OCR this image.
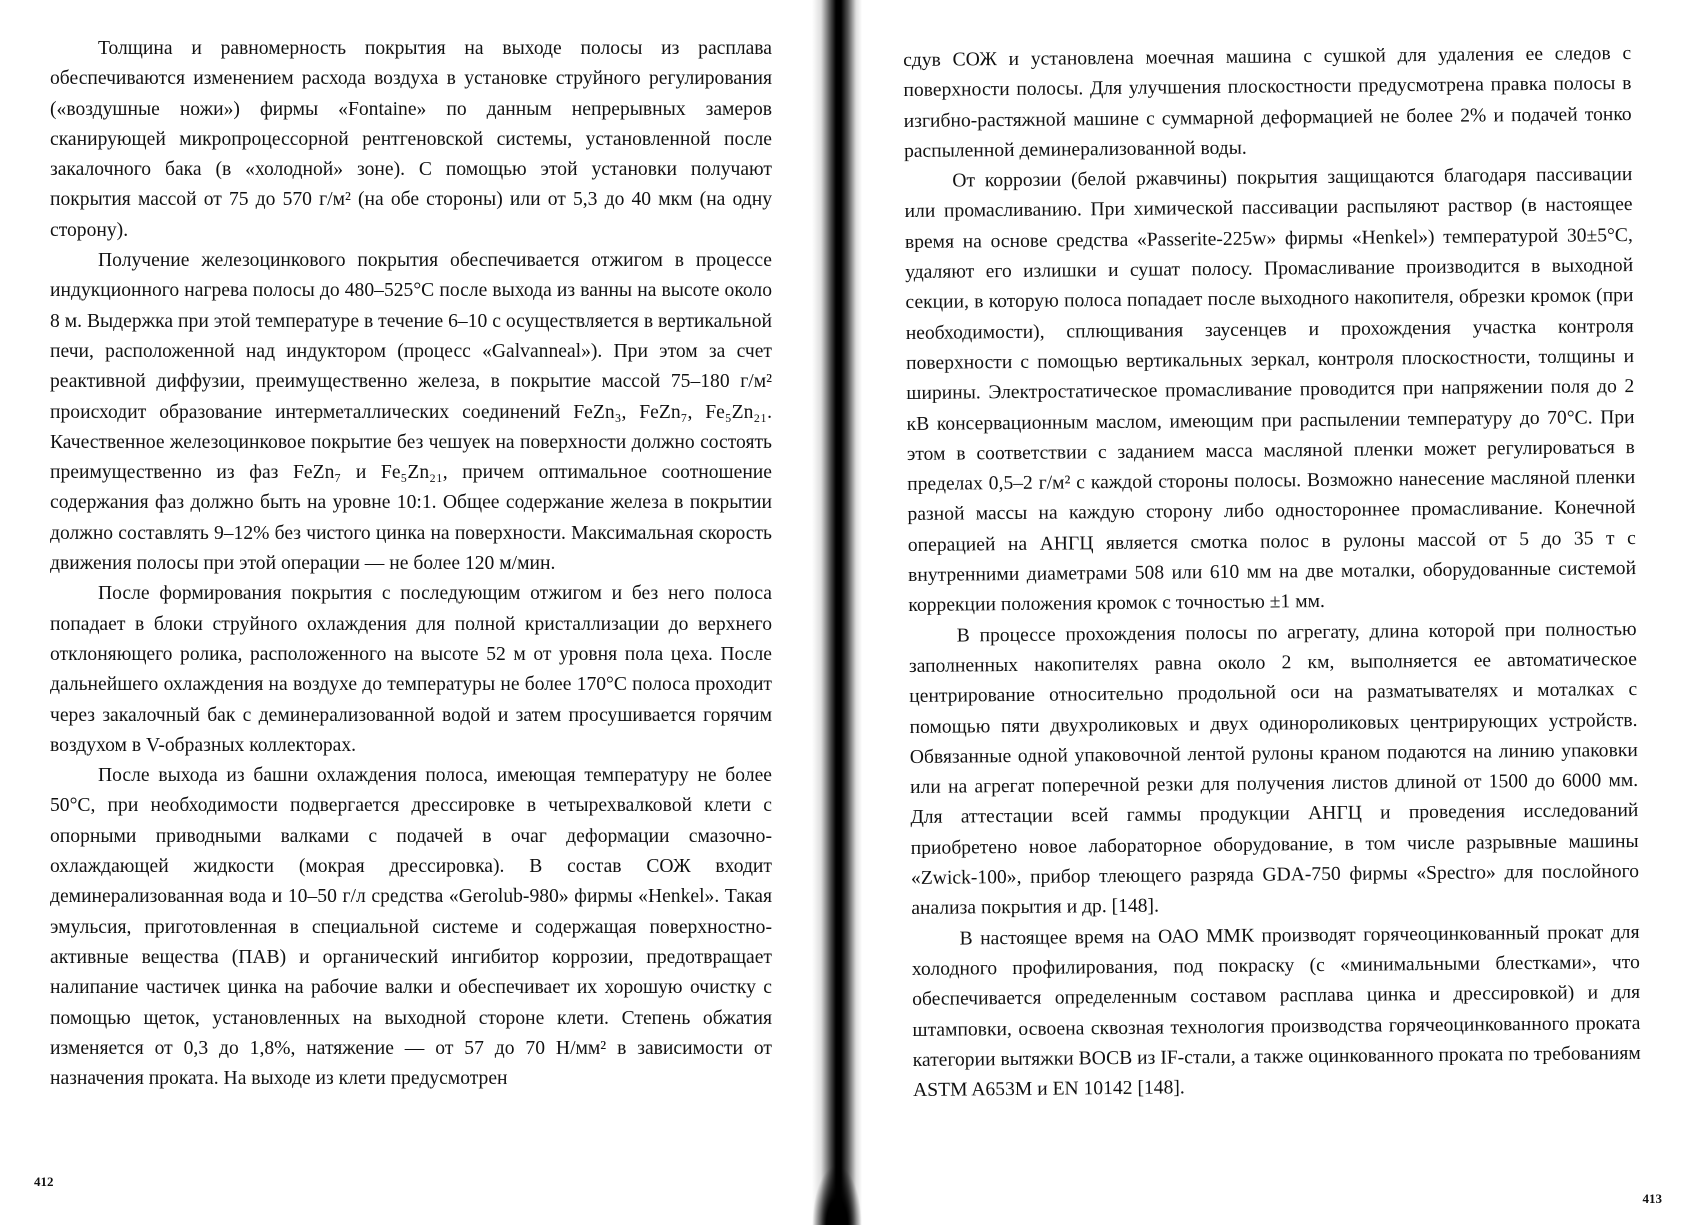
Толщина и равномерность покрытия на выходе полосы из расплава обеспечиваются изменением расхода воздуха в установке струйного регулирования («воздушные ножи») фирмы «Fontaine» по данным непрерывных замеров сканирующей микропроцессорной рентгеновской системы, установленной после закалочного бака (в «холодной» зоне). С помощью этой установки получают покрытия массой от 75 до 570 г/м² (на обе стороны) или от 5,3 до 40 мкм (на одну сторону).

Получение железоцинкового покрытия обеспечивается отжигом в процессе индукционного нагрева полосы до 480–525°С после выхода из ванны на высоте около 8 м. Выдержка при этой температуре в течение 6–10 с осуществляется в вертикальной печи, расположенной над индуктором (процесс «Galvanneal»). При этом за счет реактивной диффузии, преимущественно железа, в покрытие массой 75–180 г/м² происходит образование интерметаллических соединений FeZn₃, FeZn₇, Fe₅Zn₂₁. Качественное железоцинковое покрытие без чешуек на поверхности должно состоять преимущественно из фаз FeZn₇ и Fe₅Zn₂₁, причем оптимальное соотношение содержания фаз должно быть на уровне 10:1. Общее содержание железа в покрытии должно составлять 9–12% без чистого цинка на поверхности. Максимальная скорость движения полосы при этой операции — не более 120 м/мин.

После формирования покрытия с последующим отжигом и без него полоса попадает в блоки струйного охлаждения для полной кристаллизации до верхнего отклоняющего ролика, расположенного на высоте 52 м от уровня пола цеха. После дальнейшего охлаждения на воздухе до температуры не более 170°С полоса проходит через закалочный бак с деминерализованной водой и затем просушивается горячим воздухом в V-образных коллекторах.

После выхода из башни охлаждения полоса, имеющая температуру не более 50°С, при необходимости подвергается дрессировке в четырехвалковой клети с опорными приводными валками с подачей в очаг деформации смазочно-охлаждающей жидкости (мокрая дрессировка). В состав СОЖ входит деминерализованная вода и 10–50 г/л средства «Gerolub-980» фирмы «Henkel». Такая эмульсия, приготовленная в специальной системе и содержащая поверхностно-активные вещества (ПАВ) и органический ингибитор коррозии, предотвращает налипание частичек цинка на рабочие валки и обеспечивает их хорошую очистку с помощью щеток, установленных на выходной стороне клети. Степень обжатия изменяется от 0,3 до 1,8%, натяжение — от 57 до 70 Н/мм² в зависимости от назначения проката. На выходе из клети предусмотрен

412

сдув СОЖ и установлена моечная машина с сушкой для удаления ее следов с поверхности полосы. Для улучшения плоскостности предусмотрена правка полосы в изгибно-растяжной машине с суммарной деформацией не более 2% и подачей тонко распыленной деминерализованной воды.

От коррозии (белой ржавчины) покрытия защищаются благодаря пассивации или промасливанию. При химической пассивации распыляют раствор (в настоящее время на основе средства «Passerite-225w» фирмы «Henkel») температурой 30±5°С, удаляют его излишки и сушат полосу. Промасливание производится в выходной секции, в которую полоса попадает после выходного накопителя, обрезки кромок (при необходимости), сплющивания заусенцев и прохождения участка контроля поверхности с помощью вертикальных зеркал, контроля плоскостности, толщины и ширины. Электростатическое промасливание проводится при напряжении поля до 2 кВ консервационным маслом, имеющим при распылении температуру до 70°С. При этом в соответствии с заданием масса масляной пленки может регулироваться в пределах 0,5–2 г/м² с каждой стороны полосы. Возможно нанесение масляной пленки разной массы на каждую сторону либо одностороннее промасливание. Конечной операцией на АНГЦ является смотка полос в рулоны массой от 5 до 35 т с внутренними диаметрами 508 или 610 мм на две моталки, оборудованные системой коррекции положения кромок с точностью ±1 мм.

В процессе прохождения полосы по агрегату, длина которой при полностью заполненных накопителях равна около 2 км, выполняется ее автоматическое центрирование относительно продольной оси на разматывателях и моталках с помощью пяти двухроликовых и двух одинороликовых центрирующих устройств. Обвязанные одной упаковочной лентой рулоны краном подаются на линию упаковки или на агрегат поперечной резки для получения листов длиной от 1500 до 6000 мм. Для аттестации всей гаммы продукции АНГЦ и проведения исследований приобретено новое лабораторное оборудование, в том числе разрывные машины «Zwick-100», прибор тлеющего разряда GDA-750 фирмы «Spectro» для послойного анализа покрытия и др. [148].

В настоящее время на ОАО ММК производят горячеоцинкованный прокат для холодного профилирования, под покраску (с «минимальными блестками», что обеспечивается определенным составом расплава цинка и дрессировкой) и для штамповки, освоена сквозная технология производства горячеоцинкованного проката категории вытяжки ВОСВ из IF-стали, а также оцинкованного проката по требованиям ASTM A653M и EN 10142 [148].

413
